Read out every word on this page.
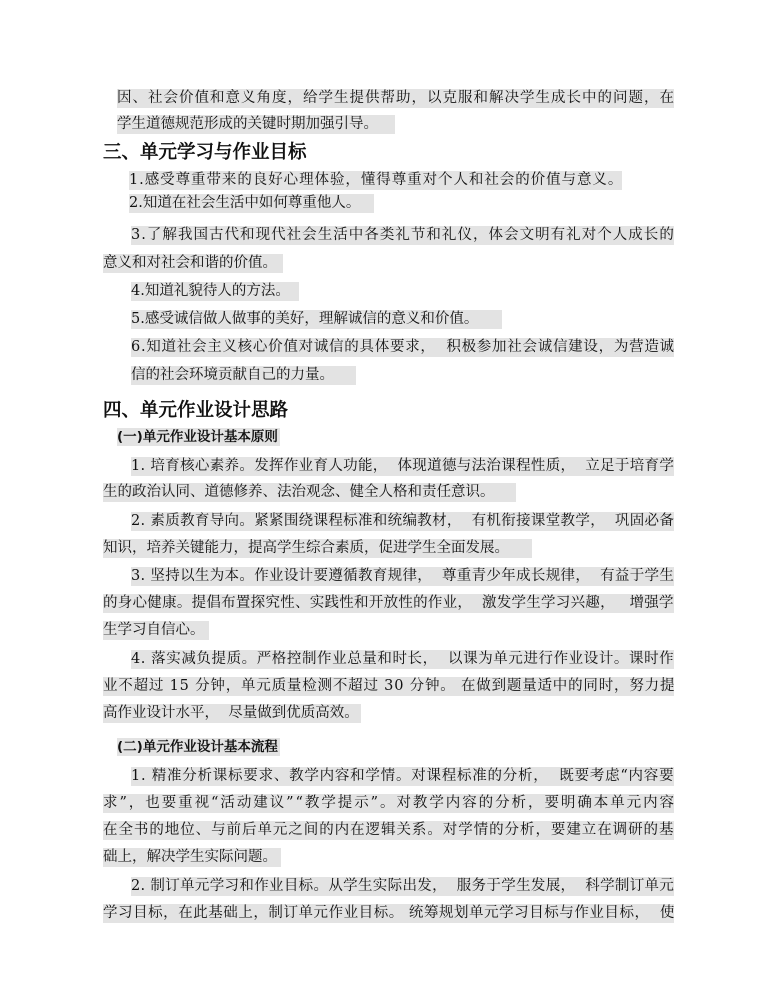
因、社会价值和意义角度，给学生提供帮助，以克服和解决学生成长中的问题，在
学生道德规范形成的关键时期加强引导。
三、单元学习与作业目标
1.感受尊重带来的良好心理体验，懂得尊重对个人和社会的价值与意义。
2.知道在社会生活中如何尊重他人。
3.了解我国古代和现代社会生活中各类礼节和礼仪，体会文明有礼对个人成长的
意义和对社会和谐的价值。
4.知道礼貌待人的方法。
5.感受诚信做人做事的美好，理解诚信的意义和价值。
6.知道社会主义核心价值对诚信的具体要求，  积极参加社会诚信建设，为营造诚
信的社会环境贡献自己的力量。
四、单元作业设计思路
(一)单元作业设计基本原则
1. 培育核心素养。发挥作业育人功能，  体现道德与法治课程性质，  立足于培育学
生的政治认同、道德修养、法治观念、健全人格和责任意识。
2. 素质教育导向。紧紧围绕课程标准和统编教材，  有机衔接课堂教学，  巩固必备
知识，培养关键能力，提高学生综合素质，促进学生全面发展。
3. 坚持以生为本。作业设计要遵循教育规律，  尊重青少年成长规律，  有益于学生
的身心健康。提倡布置探究性、实践性和开放性的作业，  激发学生学习兴趣，   增强学
生学习自信心。
4. 落实减负提质。严格控制作业总量和时长，  以课为单元进行作业设计。课时作
业不超过 15 分钟，单元质量检测不超过 30 分钟。 在做到题量适中的同时，努力提
高作业设计水平，  尽量做到优质高效。
(二)单元作业设计基本流程
1. 精准分析课标要求、教学内容和学情。对课程标准的分析，  既要考虑“内容要
求”，也要重视“活动建议”“教学提示”。对教学内容的分析，要明确本单元内容
在全书的地位、与前后单元之间的内在逻辑关系。对学情的分析，要建立在调研的基
础上，解决学生实际问题。
2. 制订单元学习和作业目标。从学生实际出发，  服务于学生发展，  科学制订单元
学习目标，在此基础上，制订单元作业目标。 统筹规划单元学习目标与作业目标，  使
